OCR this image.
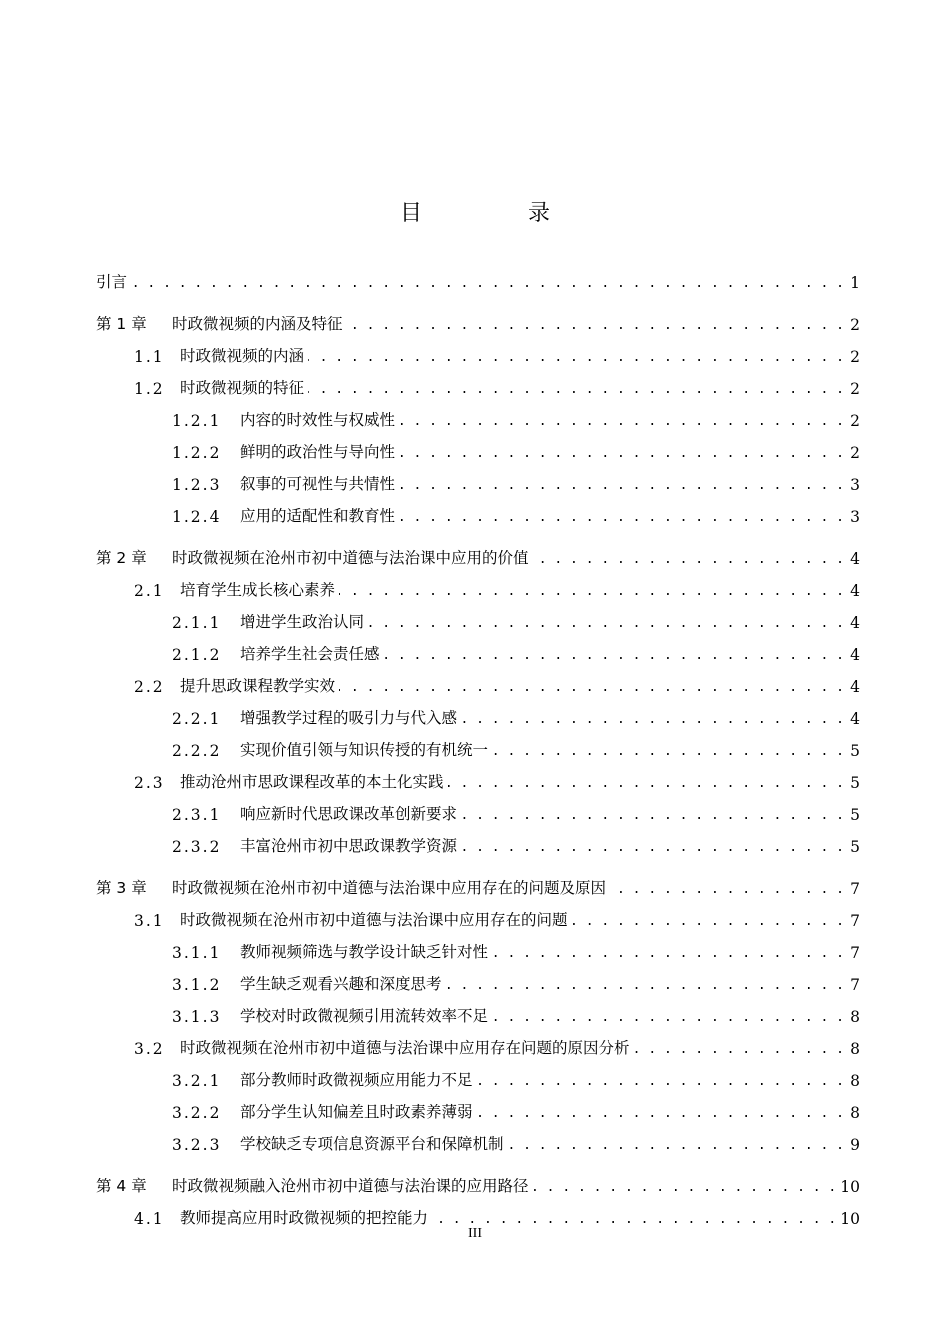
目　录
引言 . . .	1
第 1 章	时政微视频的内涵及特征 . . .	2
1.1 时政微视频的内涵 . . .	2
1.2 时政微视频的特征 . . .	2
1.2.1	内容的时效性与权威性 . . .	2
1.2.2	鲜明的政治性与导向性 . . .	2
1.2.3	叙事的可视性与共情性 . . .	3
1.2.4	应用的适配性和教育性 . . .	3
第 2 章	时政微视频在沧州市初中道德与法治课中应用的价值 . . .	4
2.1 培育学生成长核心素养 . . .	4
2.1.1	增进学生政治认同 . . .	4
2.1.2	培养学生社会责任感 . . .	4
2.2 提升思政课程教学实效 . . .	4
2.2.1	增强教学过程的吸引力与代入感 . . .	4
2.2.2	实现价值引领与知识传授的有机统一 . . .	5
2.3 推动沧州市思政课程改革的本土化实践 . . .	5
2.3.1	响应新时代思政课改革创新要求 . . .	5
2.3.2	丰富沧州市初中思政课教学资源 . . .	5
第 3 章	时政微视频在沧州市初中道德与法治课中应用存在的问题及原因 . . .	7
3.1 时政微视频在沧州市初中道德与法治课中应用存在的问题 . . .	7
3.1.1	教师视频筛选与教学设计缺乏针对性 . . .	7
3.1.2	学生缺乏观看兴趣和深度思考 . . .	7
3.1.3	学校对时政微视频引用流转效率不足 . . .	8
3.2 时政微视频在沧州市初中道德与法治课中应用存在问题的原因分析 . . .	8
3.2.1	部分教师时政微视频应用能力不足 . . .	8
3.2.2	部分学生认知偏差且时政素养薄弱 . . .	8
3.2.3	学校缺乏专项信息资源平台和保障机制 . . .	9
第 4 章	时政微视频融入沧州市初中道德与法治课的应用路径 . . .	10
4.1 教师提高应用时政微视频的把控能力 . . .	10
III
